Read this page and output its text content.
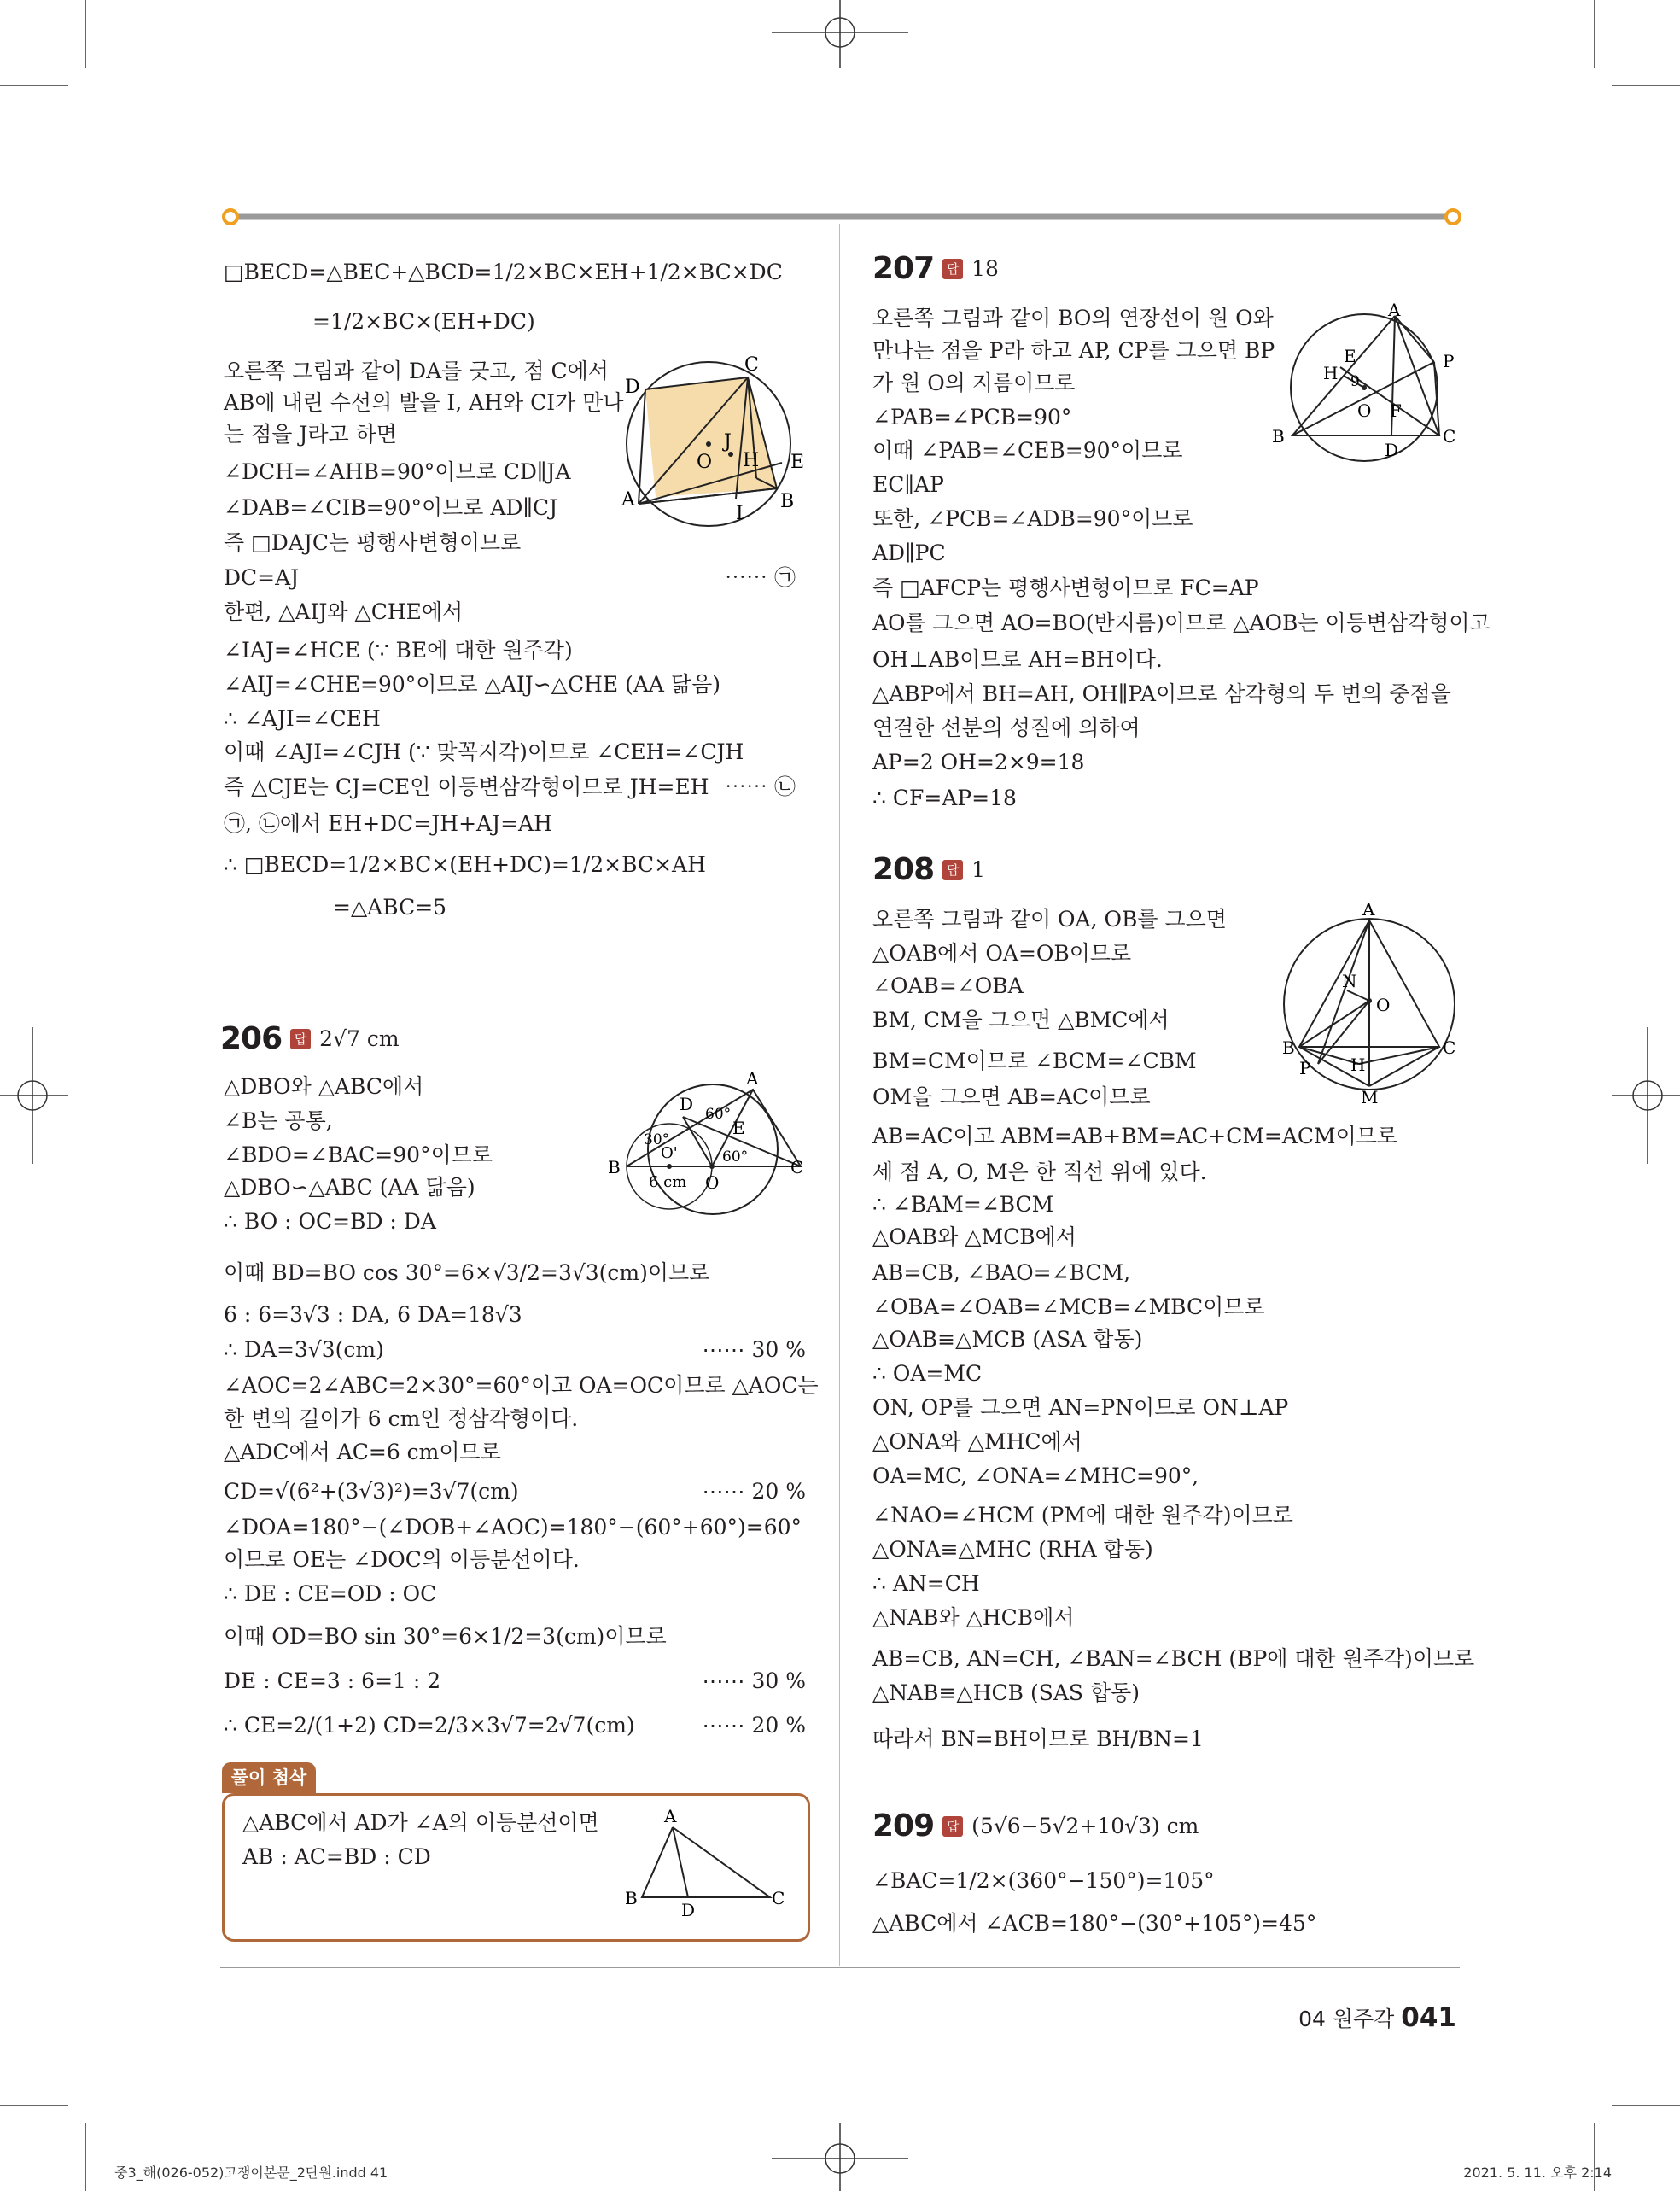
□BECD=△BEC+△BCD=1/2×BC×EH+1/2×BC×DC
=1/2×BC×(EH+DC)
오른쪽 그림과 같이 DA를 긋고, 점 C에서
AB에 내린 수선의 발을 I, AH와 CI가 만나
는 점을 J라고 하면
∠DCH=∠AHB=90°이므로 CD∥JA
∠DAB=∠CIB=90°이므로 AD∥CJ
즉 □DAJC는 평행사변형이므로
DC=AJ	⋯⋯ ㉠
한편, △AIJ와 △CHE에서
∠IAJ=∠HCE (∵ BE에 대한 원주각)
∠AIJ=∠CHE=90°이므로 △AIJ∽△CHE (AA 닮음)
∴ ∠AJI=∠CEH
이때 ∠AJI=∠CJH (∵ 맞꼭지각)이므로 ∠CEH=∠CJH
즉 △CJE는 CJ=CE인 이등변삼각형이므로 JH=EH ⋯⋯ ㉡
㉠, ㉡에서 EH+DC=JH+AJ=AH
∴ □BECD=1/2×BC×(EH+DC)=1/2×BC×AH
=△ABC=5
C
D
J
O H E
A
I
B
206 답 2√7 cm
△DBO와 △ABC에서
∠B는 공통,
∠BDO=∠BAC=90°이므로
△DBO∽△ABC (AA 닮음)
∴ BO : OC=BD : DA
이때 BD=BO cos 30°=6×√3/2=3√3(cm)이므로
6 : 6=3√3 : DA, 6 DA=18√3
∴ DA=3√3(cm)	⋯⋯ 30 %
∠AOC=2∠ABC=2×30°=60°이고 OA=OC이므로 △AOC는
한 변의 길이가 6 cm인 정삼각형이다.
△ADC에서 AC=6 cm이므로
CD=√(6²+(3√3)²)=3√7(cm)	⋯⋯ 20 %
∠DOA=180°−(∠DOB+∠AOC)=180°−(60°+60°)=60°
이므로 OE는 ∠DOC의 이등분선이다.
∴ DE : CE=OD : OC
이때 OD=BO sin 30°=6×1/2=3(cm)이므로
DE : CE=3 : 6=1 : 2	⋯⋯ 30 %
∴ CE=2/(1+2) CD=2/3×3√7=2√7(cm)	⋯⋯ 20 %
A
D 60°
E
30°
O'	60°
B	C
6 cm O
풀이 첨삭
△ABC에서 AD가 ∠A의 이등분선이면
AB : AC=BD : CD
A
B
D
C
207 답 18
오른쪽 그림과 같이 BO의 연장선이 원 O와
만나는 점을 P라 하고 AP, CP를 그으면 BP
가 원 O의 지름이므로
∠PAB=∠PCB=90°
이때 ∠PAB=∠CEB=90°이므로
EC∥AP
또한, ∠PCB=∠ADB=90°이므로
AD∥PC
즉 □AFCP는 평행사변형이므로 FC=AP
AO를 그으면 AO=BO(반지름)이므로 △AOB는 이등변삼각형이고
OH⊥AB이므로 AH=BH이다.
△ABP에서 BH=AH, OH∥PA이므로 삼각형의 두 변의 중점을
연결한 선분의 성질에 의하여
AP=2 OH=2×9=18
∴ CF=AP=18
A
E
H 9
P
O F
B
D
C
208 답 1
오른쪽 그림과 같이 OA, OB를 그으면
△OAB에서 OA=OB이므로
∠OAB=∠OBA
BM, CM을 그으면 △BMC에서
BM=CM이므로 ∠BCM=∠CBM
OM을 그으면 AB=AC이므로
AB=AC이고 ABM=AB+BM=AC+CM=ACM이므로
세 점 A, O, M은 한 직선 위에 있다.
∴ ∠BAM=∠BCM
△OAB와 △MCB에서
AB=CB, ∠BAO=∠BCM,
∠OBA=∠OAB=∠MCB=∠MBC이므로
△OAB≡△MCB (ASA 합동)
∴ OA=MC
ON, OP를 그으면 AN=PN이므로 ON⊥AP
△ONA와 △MHC에서
OA=MC, ∠ONA=∠MHC=90°,
∠NAO=∠HCM (PM에 대한 원주각)이므로
△ONA≡△MHC (RHA 합동)
∴ AN=CH
△NAB와 △HCB에서
AB=CB, AN=CH, ∠BAN=∠BCH (BP에 대한 원주각)이므로
△NAB≡△HCB (SAS 합동)
따라서 BN=BH이므로 BH/BN=1
A
N
O
B	C
P H
M
209 답 (5√6−5√2+10√3) cm
∠BAC=1/2×(360°−150°)=105°
△ABC에서 ∠ACB=180°−(30°+105°)=45°
04 원주각 041
중3_해(026-052)고쟁이본문_2단원.indd 41	2021. 5. 11. 오후 2:14
